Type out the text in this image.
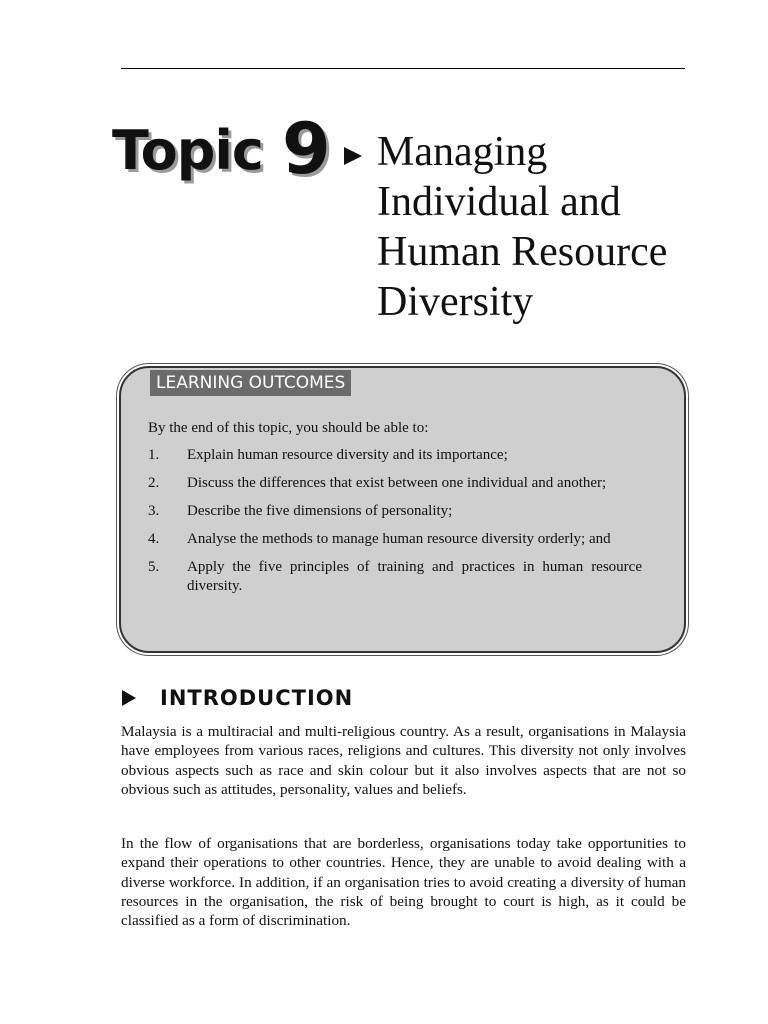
Topic 9 Managing
Individual and
Human Resource
Diversity
LEARNING OUTCOMES
By the end of this topic, you should be able to:
1.	Explain human resource diversity and its importance;
2.	Discuss the differences that exist between one individual and another;
3.	Describe the five dimensions of personality;
4.	Analyse the methods to manage human resource diversity orderly; and
5.	Apply the five principles of training and practices in human resource diversity.
INTRODUCTION

Malaysia is a multiracial and multi-religious country. As a result, organisations in Malaysia have employees from various races, religions and cultures. This diversity not only involves obvious aspects such as race and skin colour but it also involves aspects that are not so obvious such as attitudes, personality, values and beliefs.

In the flow of organisations that are borderless, organisations today take opportunities to expand their operations to other countries. Hence, they are unable to avoid dealing with a diverse workforce. In addition, if an organisation tries to avoid creating a diversity of human resources in the organisation, the risk of being brought to court is high, as it could be classified as a form of discrimination.
